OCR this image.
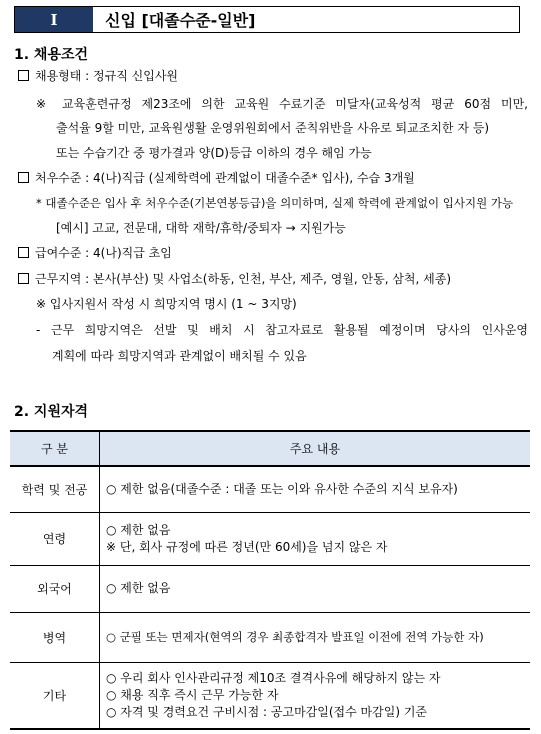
I	신입 [대졸수준-일반]
1. 채용조건
채용형태 : 정규직 신입사원
※ 교육훈련규정 제23조에 의한 교육원 수료기준 미달자(교육성적 평균 60점 미만,
출석율 9할 미만, 교육원생활 운영위원회에서 준칙위반을 사유로 퇴교조치한 자 등)
또는 수습기간 중 평가결과 양(D)등급 이하의 경우 해임 가능
처우수준 : 4(나)직급 (실제학력에 관계없이 대졸수준* 입사), 수습 3개월
* 대졸수준은 입사 후 처우수준(기본연봉등급)을 의미하며, 실제 학력에 관계없이 입사지원 가능
[예시] 고교, 전문대, 대학 재학/휴학/중퇴자 → 지원가능
급여수준 : 4(나)직급 초임
근무지역 : 본사(부산) 및 사업소(하동, 인천, 부산, 제주, 영월, 안동, 삼척, 세종)
※ 입사지원서 작성 시 희망지역 명시 (1 ~ 3지망)
- 근무 희망지역은 선발 및 배치 시 참고자료로 활용될 예정이며 당사의 인사운영
계획에 따라 희망지역과 관계없이 배치될 수 있음
2. 지원자격
구 분	주요 내용
학력 및 전공	○ 제한 없음(대졸수준 : 대졸 또는 이와 유사한 수준의 지식 보유자)

연령	○ 제한 없음
※ 단, 회사 규정에 따른 정년(만 60세)을 넘지 않은 자

외국어	○ 제한 없음

병역	○ 군필 또는 면제자(현역의 경우 최종합격자 발표일 이전에 전역 가능한 자)

기타	○ 우리 회사 인사관리규정 제10조 결격사유에 해당하지 않는 자
○ 채용 직후 즉시 근무 가능한 자
○ 자격 및 경력요건 구비시점 : 공고마감일(접수 마감일) 기준
